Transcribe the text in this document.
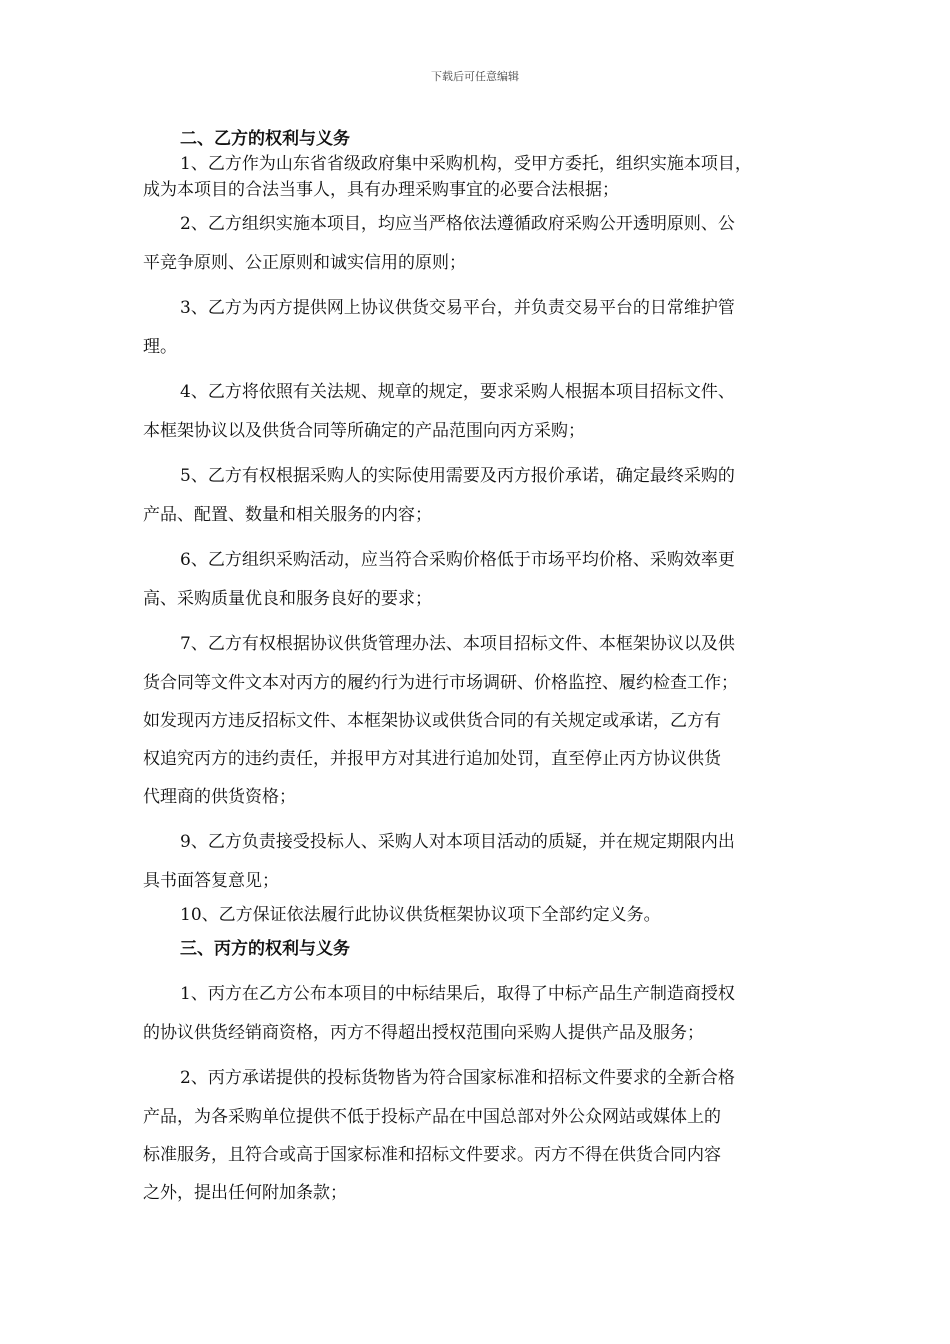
下载后可任意编辑
二、乙方的权利与义务
1、乙方作为山东省省级政府集中采购机构，受甲方委托，组织实施本项目，
成为本项目的合法当事人，具有办理采购事宜的必要合法根据；
2、乙方组织实施本项目，均应当严格依法遵循政府采购公开透明原则、公
平竞争原则、公正原则和诚实信用的原则；
3、乙方为丙方提供网上协议供货交易平台，并负责交易平台的日常维护管
理。
4、乙方将依照有关法规、规章的规定，要求采购人根据本项目招标文件、
本框架协议以及供货合同等所确定的产品范围向丙方采购；
5、乙方有权根据采购人的实际使用需要及丙方报价承诺，确定最终采购的
产品、配置、数量和相关服务的内容；
6、乙方组织采购活动，应当符合采购价格低于市场平均价格、采购效率更
高、采购质量优良和服务良好的要求；
7、乙方有权根据协议供货管理办法、本项目招标文件、本框架协议以及供
货合同等文件文本对丙方的履约行为进行市场调研、价格监控、履约检查工作；
如发现丙方违反招标文件、本框架协议或供货合同的有关规定或承诺，乙方有
权追究丙方的违约责任，并报甲方对其进行追加处罚，直至停止丙方协议供货
代理商的供货资格；
9、乙方负责接受投标人、采购人对本项目活动的质疑，并在规定期限内出
具书面答复意见；
10、乙方保证依法履行此协议供货框架协议项下全部约定义务。
三、丙方的权利与义务
1、丙方在乙方公布本项目的中标结果后，取得了中标产品生产制造商授权
的协议供货经销商资格，丙方不得超出授权范围向采购人提供产品及服务；
2、丙方承诺提供的投标货物皆为符合国家标准和招标文件要求的全新合格
产品，为各采购单位提供不低于投标产品在中国总部对外公众网站或媒体上的
标准服务，且符合或高于国家标准和招标文件要求。丙方不得在供货合同内容
之外，提出任何附加条款；
